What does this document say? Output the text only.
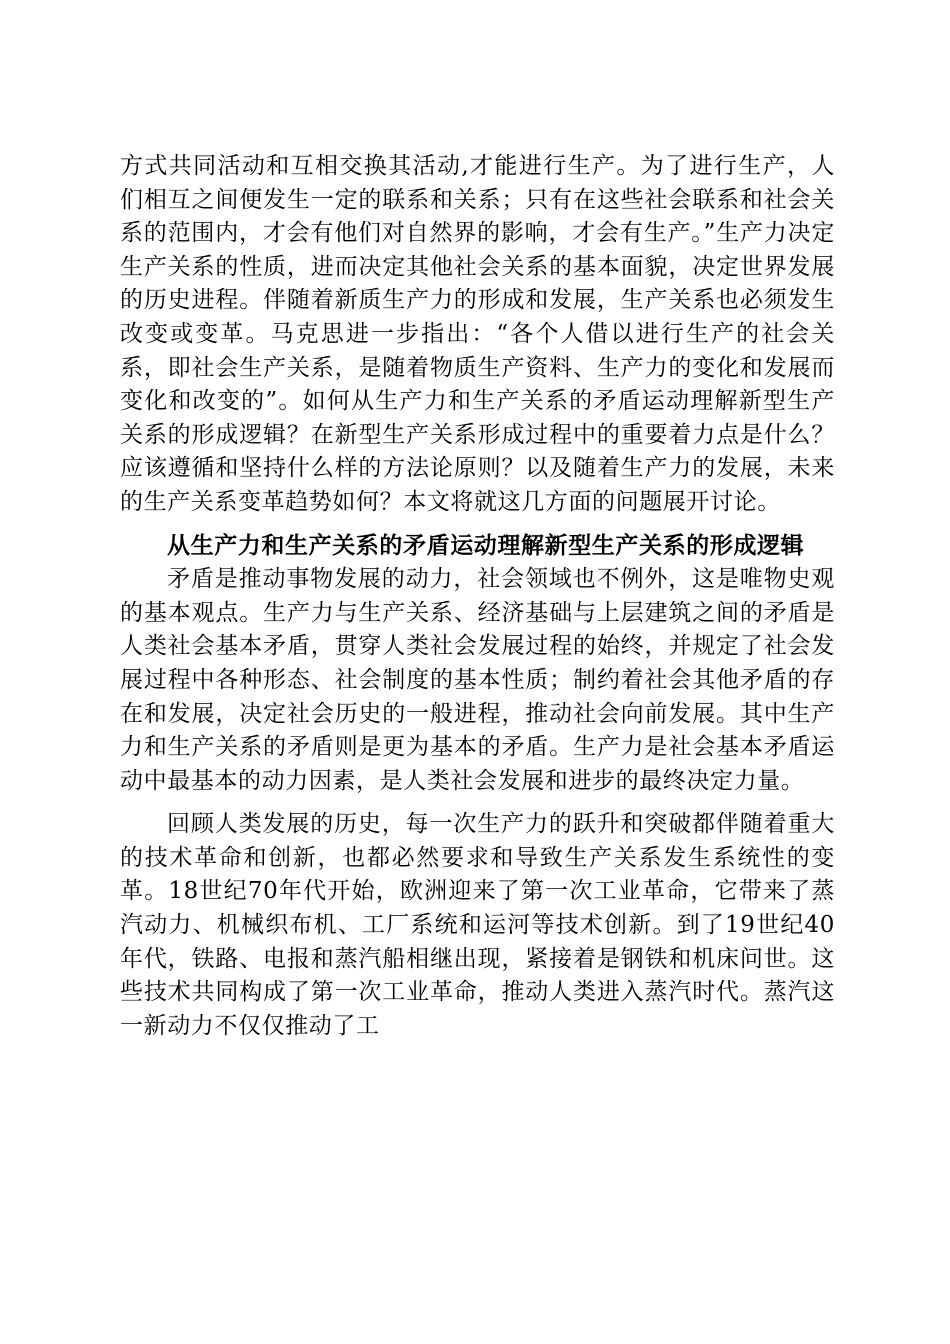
方式共同活动和互相交换其活动,才能进行生产。为了进行生产，人们相互之间便发生一定的联系和关系；只有在这些社会联系和社会关系的范围内，才会有他们对自然界的影响，才会有生产。”生产力决定生产关系的性质，进而决定其他社会关系的基本面貌，决定世界发展的历史进程。伴随着新质生产力的形成和发展，生产关系也必须发生改变或变革。马克思进一步指出：“各个人借以进行生产的社会关系，即社会生产关系，是随着物质生产资料、生产力的变化和发展而变化和改变的”。如何从生产力和生产关系的矛盾运动理解新型生产关系的形成逻辑？在新型生产关系形成过程中的重要着力点是什么？应该遵循和坚持什么样的方法论原则？以及随着生产力的发展，未来的生产关系变革趋势如何？本文将就这几方面的问题展开讨论。

从生产力和生产关系的矛盾运动理解新型生产关系的形成逻辑

矛盾是推动事物发展的动力，社会领域也不例外，这是唯物史观的基本观点。生产力与生产关系、经济基础与上层建筑之间的矛盾是人类社会基本矛盾，贯穿人类社会发展过程的始终，并规定了社会发展过程中各种形态、社会制度的基本性质；制约着社会其他矛盾的存在和发展，决定社会历史的一般进程，推动社会向前发展。其中生产力和生产关系的矛盾则是更为基本的矛盾。生产力是社会基本矛盾运动中最基本的动力因素，是人类社会发展和进步的最终决定力量。

回顾人类发展的历史，每一次生产力的跃升和突破都伴随着重大的技术革命和创新，也都必然要求和导致生产关系发生系统性的变革。18世纪70年代开始，欧洲迎来了第一次工业革命，它带来了蒸汽动力、机械织布机、工厂系统和运河等技术创新。到了19世纪40年代，铁路、电报和蒸汽船相继出现，紧接着是钢铁和机床问世。这些技术共同构成了第一次工业革命，推动人类进入蒸汽时代。蒸汽这一新动力不仅仅推动了工
